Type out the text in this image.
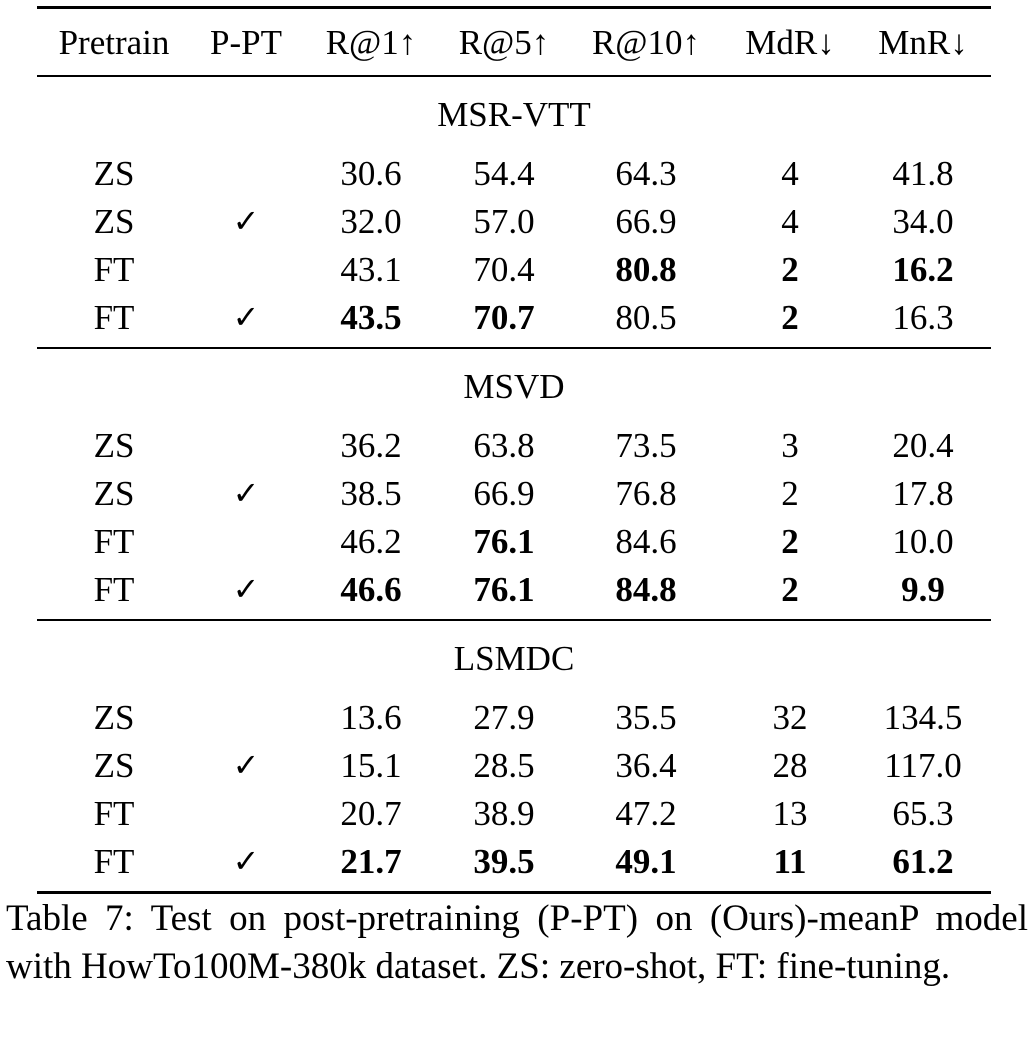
Pretrain	P-PT	R@1↑	R@5↑	R@10↑	MdR↓	MnR↓
MSR-VTT						
ZS		30.6	54.4	64.3	4	41.8
ZS	✓	32.0	57.0	66.9	4	34.0
FT		43.1	70.4	80.8	2	16.2
FT	✓	43.5	70.7	80.5	2	16.3
MSVD						
ZS		36.2	63.8	73.5	3	20.4
ZS	✓	38.5	66.9	76.8	2	17.8
FT		46.2	76.1	84.6	2	10.0
FT	✓	46.6	76.1	84.8	2	9.9
LSMDC						
ZS		13.6	27.9	35.5	32	134.5
ZS	✓	15.1	28.5	36.4	28	117.0
FT		20.7	38.9	47.2	13	65.3
FT	✓	21.7	39.5	49.1	11	61.2

Table 7: Test on post-pretraining (P-PT) on (Ours)-meanP model with HowTo100M-380k dataset. ZS: zero-shot, FT: fine-tuning.
